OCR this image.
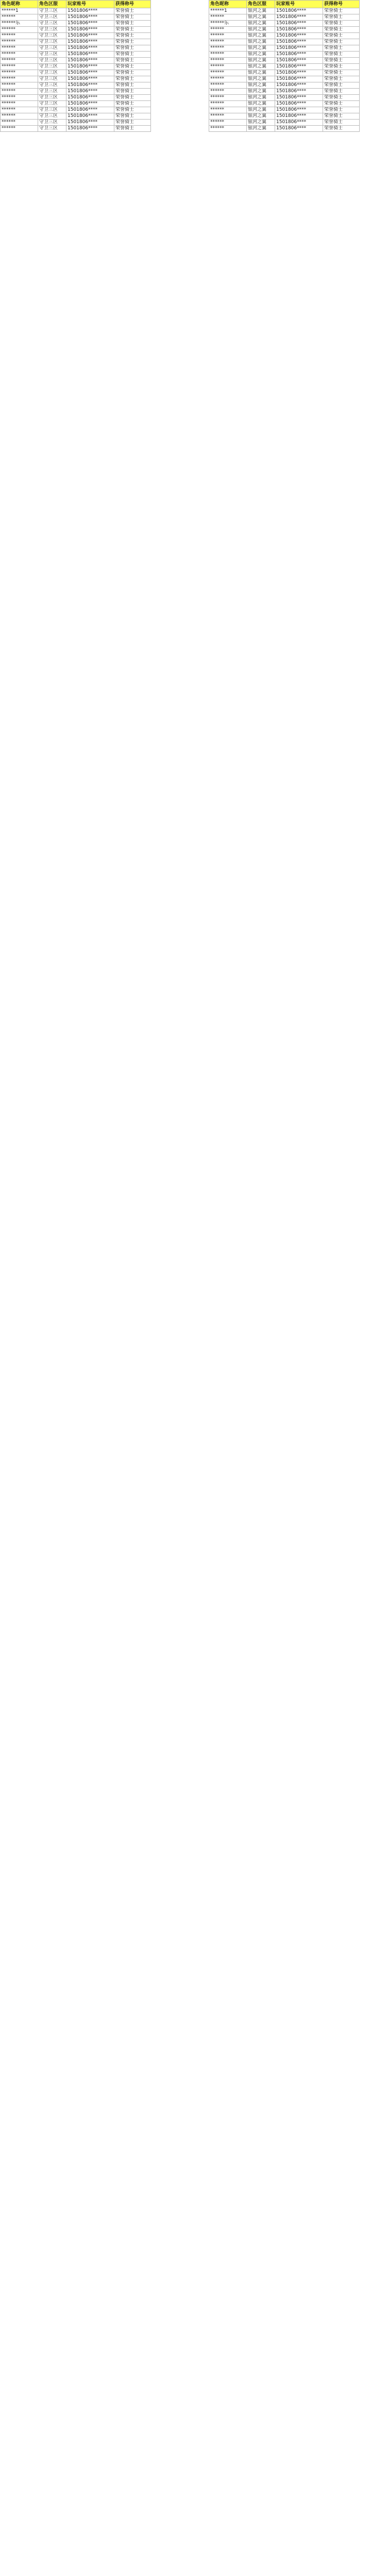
角色昵称	角色区服	玩家账号	获得称号
******1	守卫三区	1501806****	荣誉骑士
******	守卫三区	1501806****	荣誉骑士
******乐	守卫三区	1501806****	荣誉骑士
******	守卫三区	1501806****	荣誉骑士
******	守卫三区	1501806****	荣誉骑士
******	守卫三区	1501806****	荣誉骑士
******	守卫三区	1501806****	荣誉骑士
******	守卫三区	1501806****	荣誉骑士
******	守卫三区	1501806****	荣誉骑士
******	守卫三区	1501806****	荣誉骑士
******	守卫三区	1501806****	荣誉骑士
******	守卫三区	1501806****	荣誉骑士
******	守卫三区	1501806****	荣誉骑士
******	守卫三区	1501806****	荣誉骑士
******	守卫三区	1501806****	荣誉骑士
******	守卫三区	1501806****	荣誉骑士
******	守卫三区	1501806****	荣誉骑士
******	守卫三区	1501806****	荣誉骑士
******	守卫三区	1501806****	荣誉骑士
******	守卫三区	1501806****	荣誉骑士
角色昵称	角色区服	玩家账号	获得称号
******1	银河之翼	1501806****	荣誉骑士
******	银河之翼	1501806****	荣誉骑士
******乐	银河之翼	1501806****	荣誉骑士
******	银河之翼	1501806****	荣誉骑士
******	银河之翼	1501806****	荣誉骑士
******	银河之翼	1501806****	荣誉骑士
******	银河之翼	1501806****	荣誉骑士
******	银河之翼	1501806****	荣誉骑士
******	银河之翼	1501806****	荣誉骑士
******	银河之翼	1501806****	荣誉骑士
******	银河之翼	1501806****	荣誉骑士
******	银河之翼	1501806****	荣誉骑士
******	银河之翼	1501806****	荣誉骑士
******	银河之翼	1501806****	荣誉骑士
******	银河之翼	1501806****	荣誉骑士
******	银河之翼	1501806****	荣誉骑士
******	银河之翼	1501806****	荣誉骑士
******	银河之翼	1501806****	荣誉骑士
******	银河之翼	1501806****	荣誉骑士
******	银河之翼	1501806****	荣誉骑士
